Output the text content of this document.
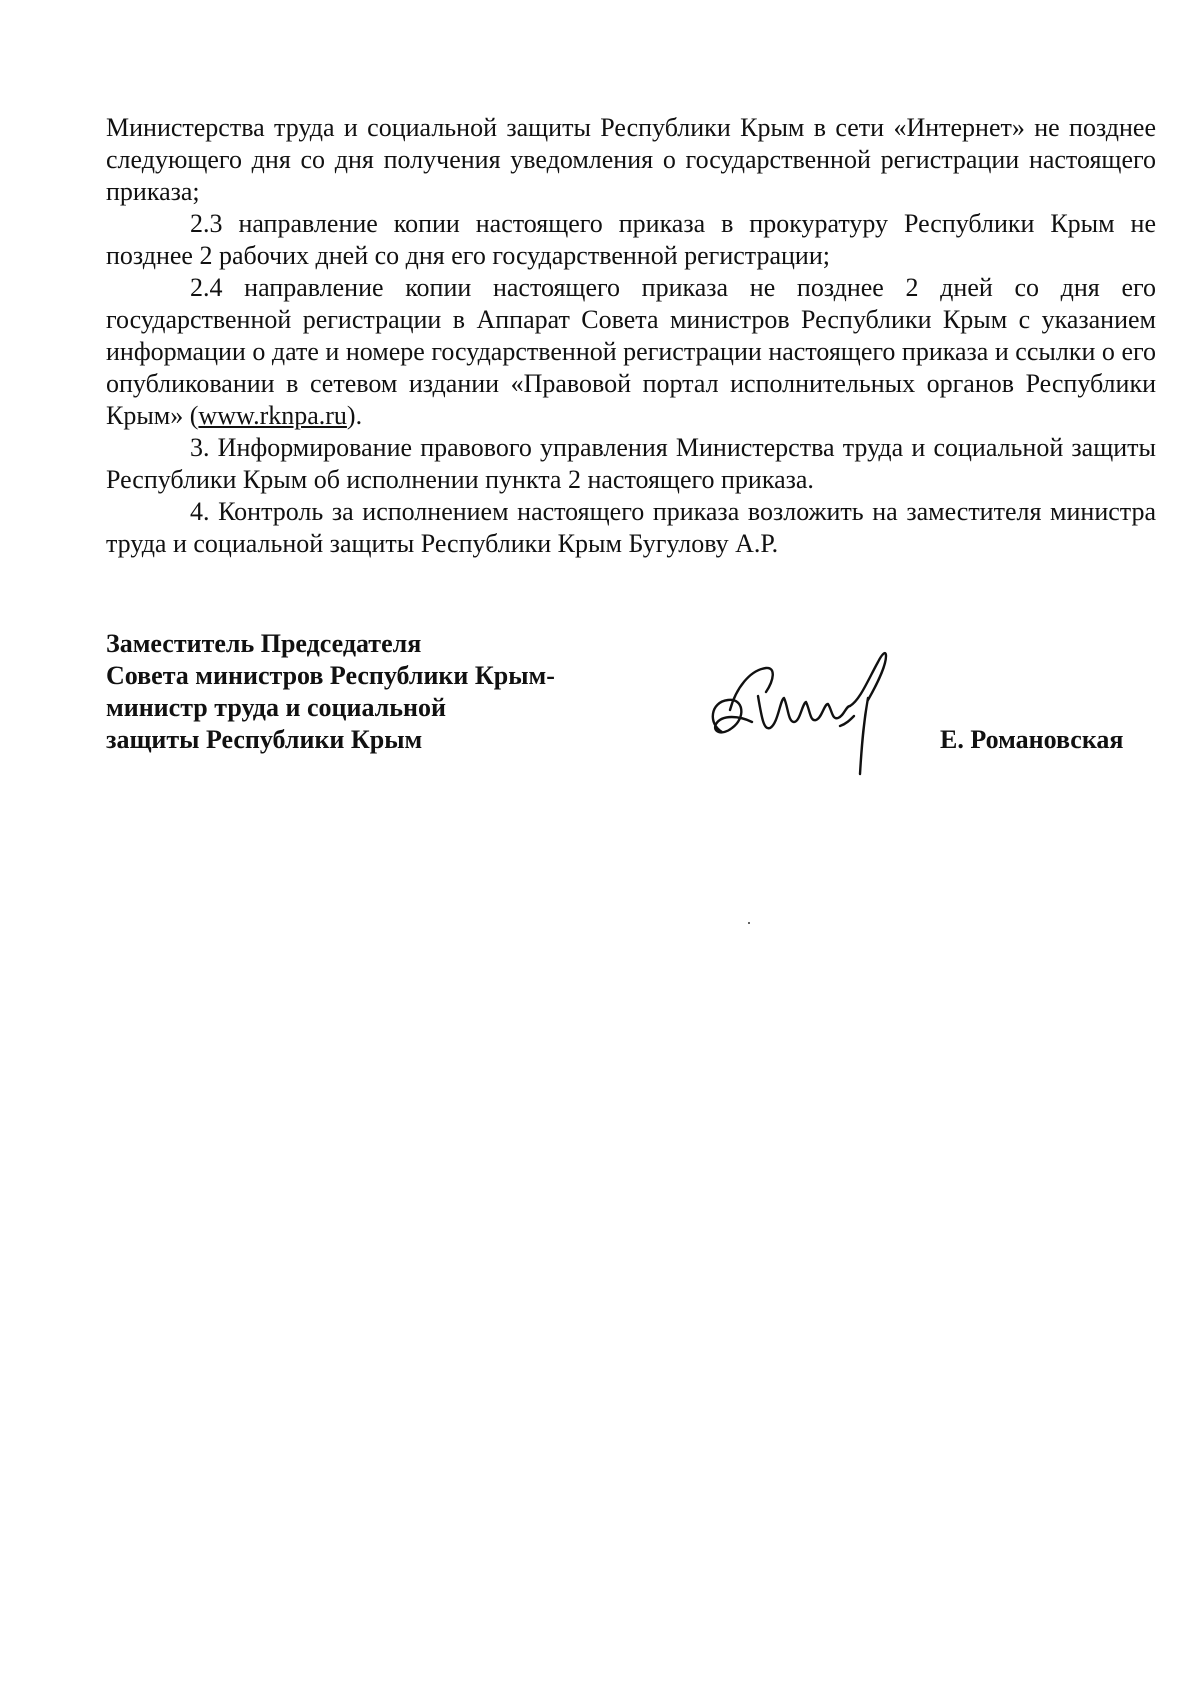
Министерства труда и социальной защиты Республики Крым в сети «Интернет» не позднее следующего дня со дня получения уведомления о государственной регистрации настоящего приказа;

2.3 направление копии настоящего приказа в прокуратуру Республики Крым не позднее 2 рабочих дней со дня его государственной регистрации;

2.4 направление копии настоящего приказа не позднее 2 дней со дня его государственной регистрации в Аппарат Совета министров Республики Крым с указанием информации о дате и номере государственной регистрации настоящего приказа и ссылки о его опубликовании в сетевом издании «Правовой портал исполнительных органов Республики Крым» (www.rknpa.ru).

3. Информирование правового управления Министерства труда и социальной защиты Республики Крым об исполнении пункта 2 настоящего приказа.

4. Контроль за исполнением настоящего приказа возложить на заместителя министра труда и социальной защиты Республики Крым Бугулову А.Р.

Заместитель Председателя
Совета министров Республики Крым-
министр труда и социальной
защиты Республики Крым	Е. Романовская
